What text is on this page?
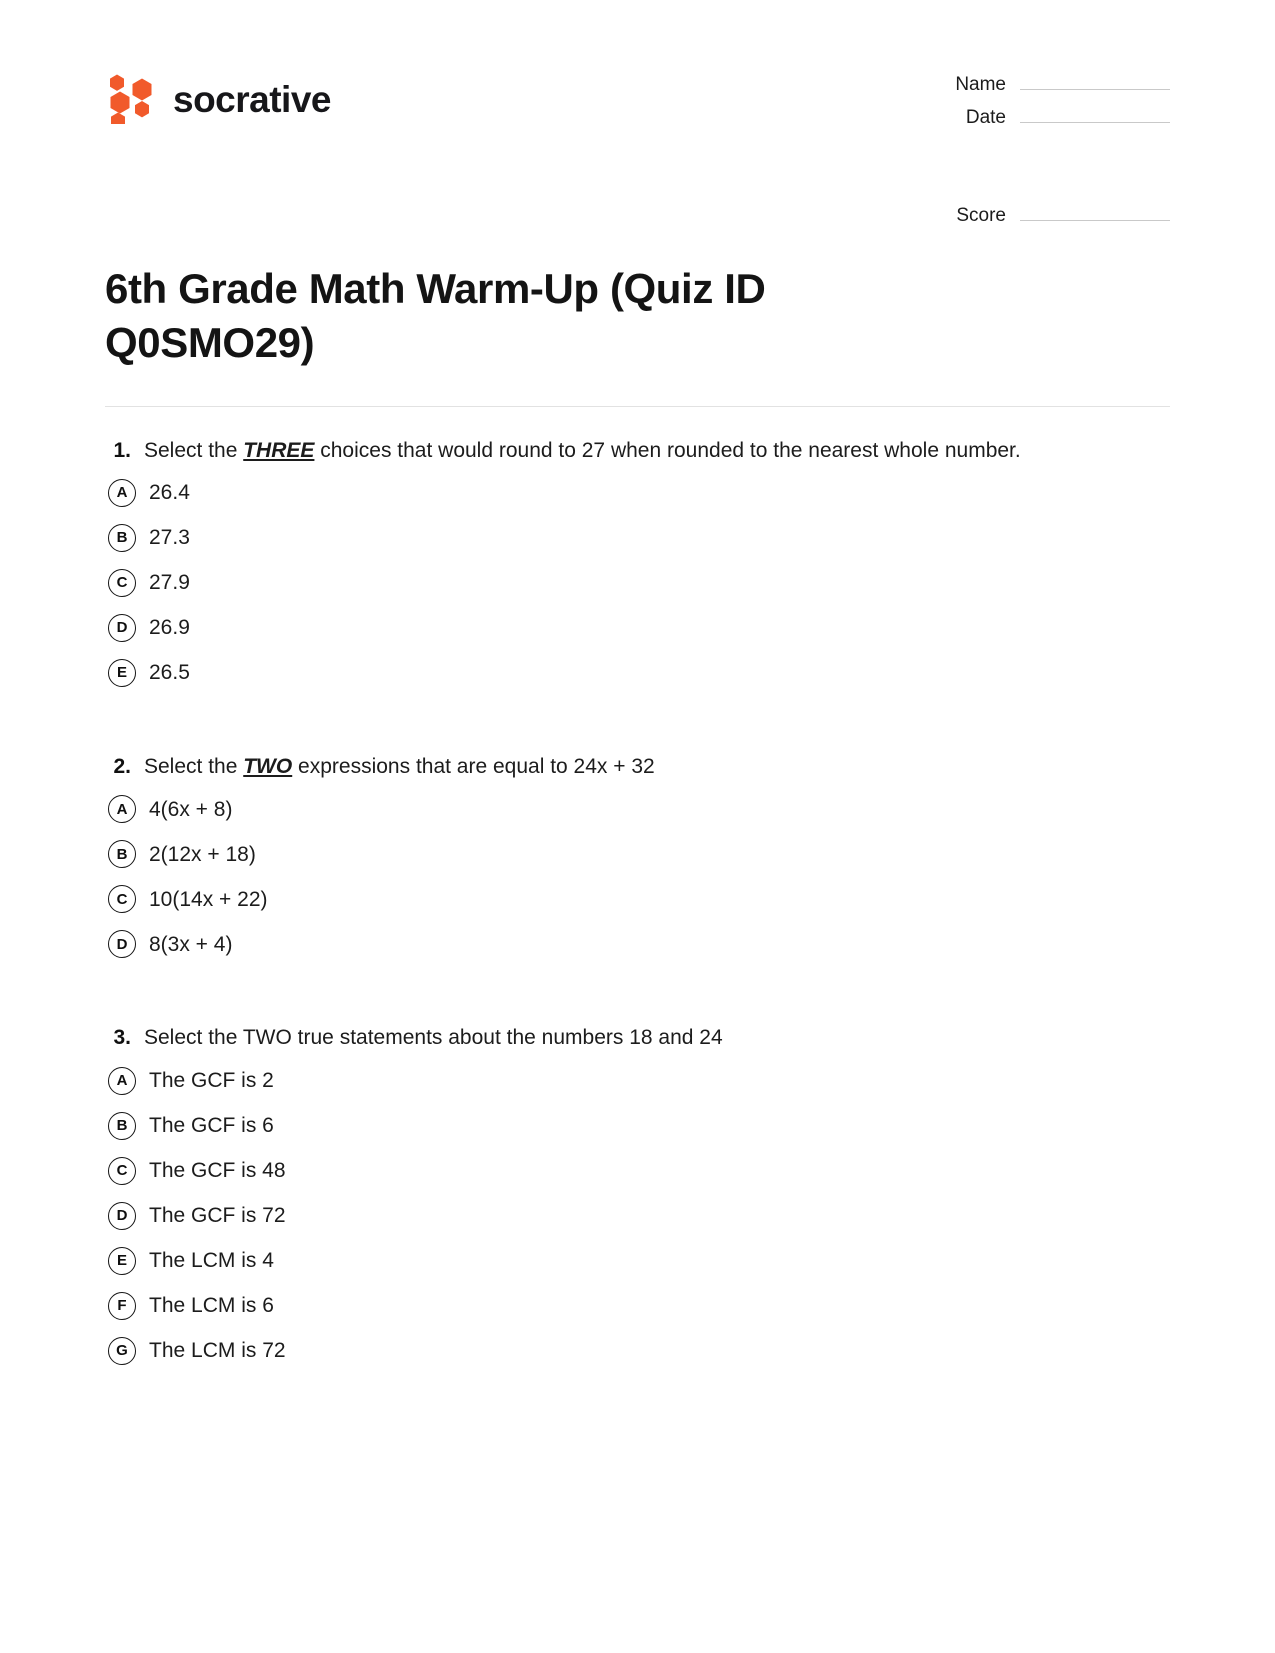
socrative	Name
Date
Score
6th Grade Math Warm-Up (Quiz ID Q0SMO29)
1. Select the THREE choices that would round to 27 when rounded to the nearest whole number.
A	26.4
B	27.3
C	27.9
D	26.9
E	26.5
2. Select the TWO expressions that are equal to 24x + 32
A	4(6x + 8)
B	2(12x + 18)
C	10(14x + 22)
D	8(3x + 4)
3. Select the TWO true statements about the numbers 18 and 24
A	The GCF is 2
B	The GCF is 6
C	The GCF is 48
D	The GCF is 72
E	The LCM is 4
F	The LCM is 6
G	The LCM is 72
